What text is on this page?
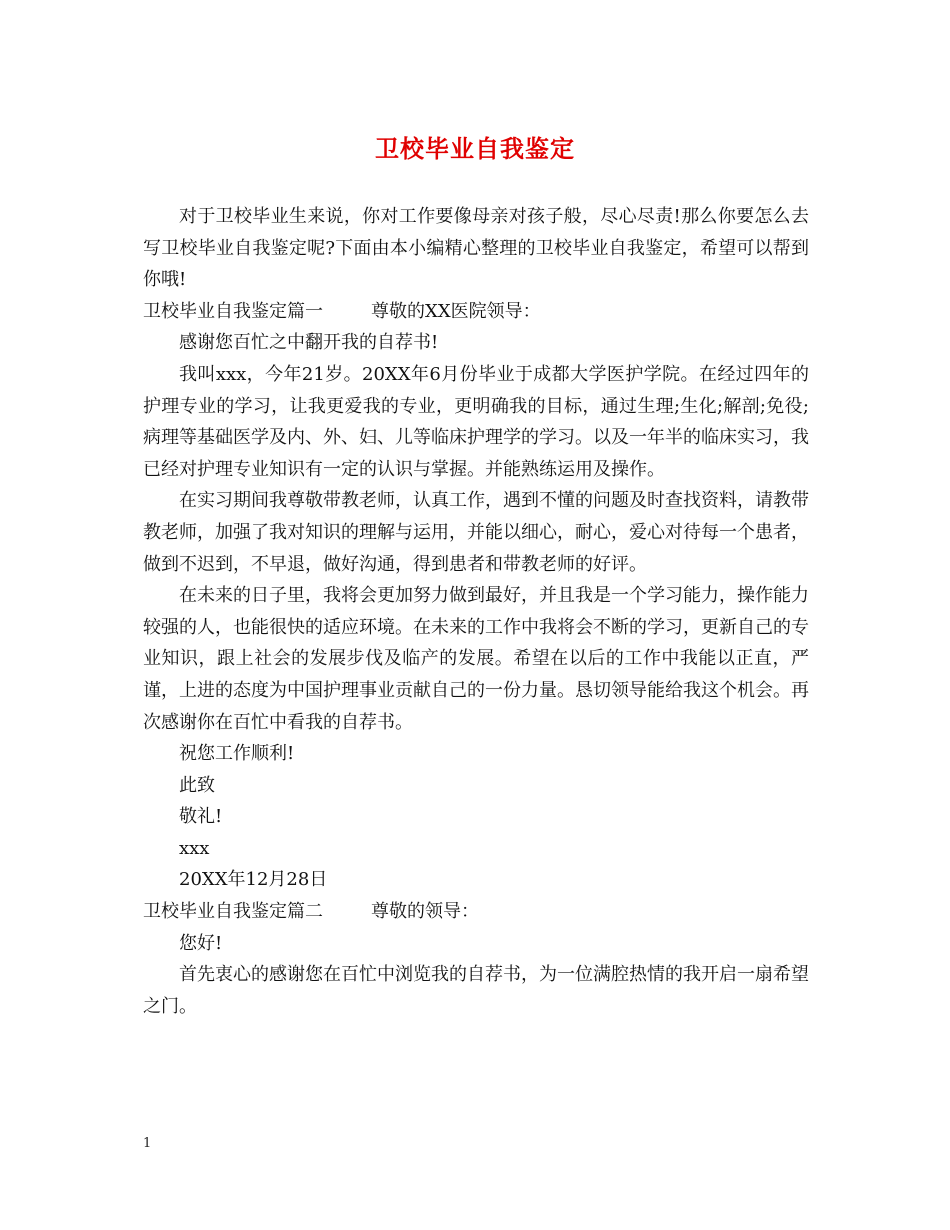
卫校毕业自我鉴定

对于卫校毕业生来说，你对工作要像母亲对孩子般，尽心尽责!那么你要怎么去写卫校毕业自我鉴定呢?下面由本小编精心整理的卫校毕业自我鉴定，希望可以帮到你哦!

卫校毕业自我鉴定篇一	尊敬的XX医院领导：

感谢您百忙之中翻开我的自荐书!

我叫xxx，今年21岁。20XX年6月份毕业于成都大学医护学院。在经过四年的护理专业的学习，让我更爱我的专业，更明确我的目标，通过生理;生化;解剖;免役;病理等基础医学及内、外、妇、儿等临床护理学的学习。以及一年半的临床实习，我已经对护理专业知识有一定的认识与掌握。并能熟练运用及操作。

在实习期间我尊敬带教老师，认真工作，遇到不懂的问题及时查找资料，请教带教老师，加强了我对知识的理解与运用，并能以细心，耐心，爱心对待每一个患者，做到不迟到，不早退，做好沟通，得到患者和带教老师的好评。

在未来的日子里，我将会更加努力做到最好，并且我是一个学习能力，操作能力较强的人，也能很快的适应环境。在未来的工作中我将会不断的学习，更新自己的专业知识，跟上社会的发展步伐及临产的发展。希望在以后的工作中我能以正直，严谨，上进的态度为中国护理事业贡献自己的一份力量。恳切领导能给我这个机会。再次感谢你在百忙中看我的自荐书。

祝您工作顺利!

此致

敬礼!

xxx

20XX年12月28日

卫校毕业自我鉴定篇二	尊敬的领导：

您好!

首先衷心的感谢您在百忙中浏览我的自荐书，为一位满腔热情的我开启一扇希望之门。

1
